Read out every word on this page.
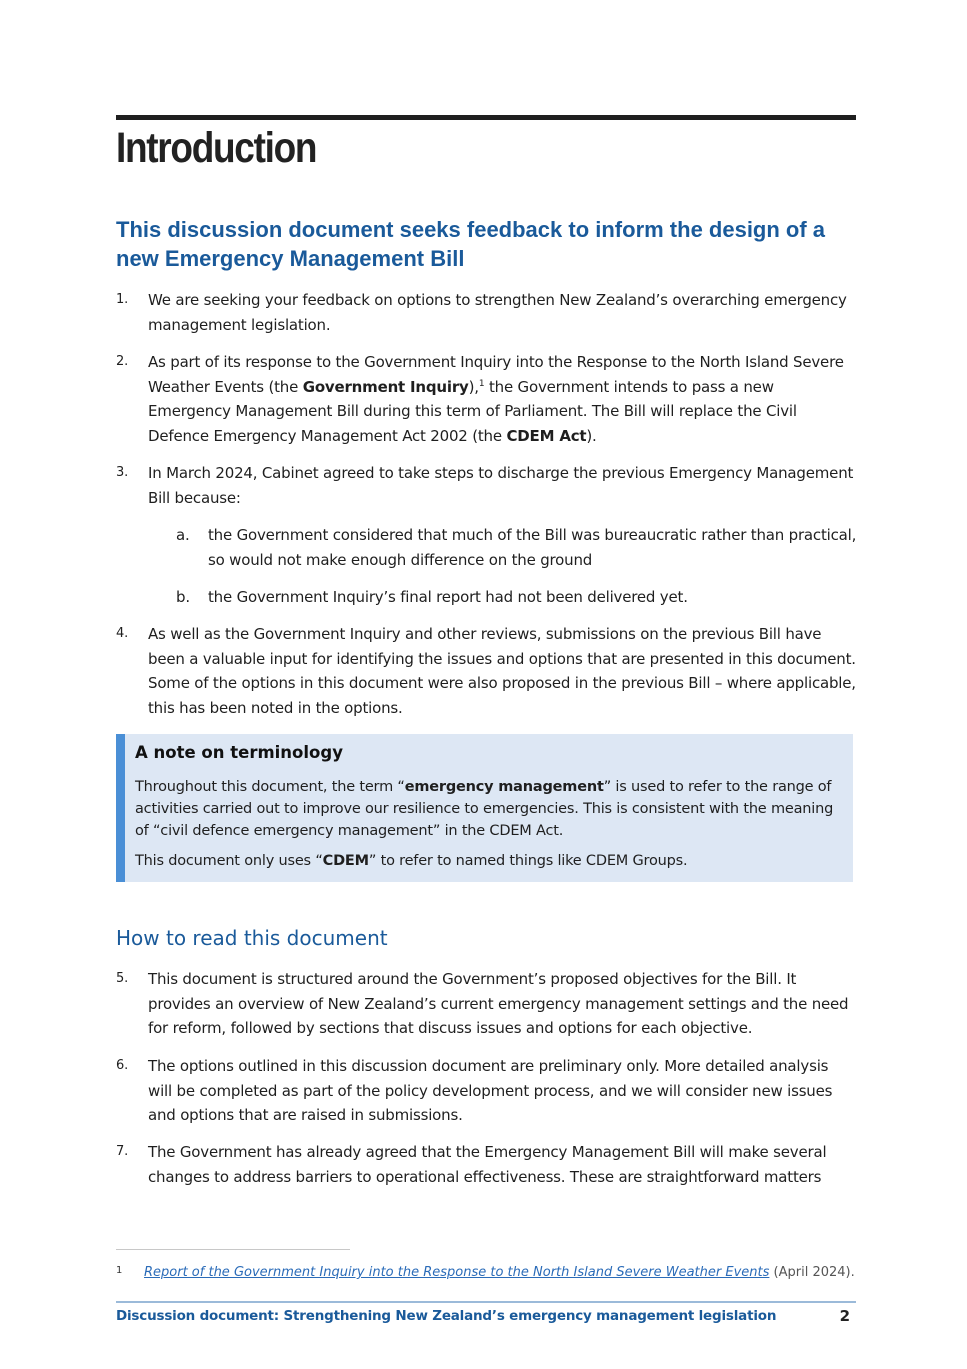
Introduction
This discussion document seeks feedback to inform the design of a new Emergency Management Bill
1. We are seeking your feedback on options to strengthen New Zealand’s overarching emergency management legislation.
2. As part of its response to the Government Inquiry into the Response to the North Island Severe Weather Events (the Government Inquiry),$^1$ the Government intends to pass a new Emergency Management Bill during this term of Parliament. The Bill will replace the Civil Defence Emergency Management Act 2002 (the CDEM Act).
3. In March 2024, Cabinet agreed to take steps to discharge the previous Emergency Management Bill because:
a. the Government considered that much of the Bill was bureaucratic rather than practical, so would not make enough difference on the ground
b. the Government Inquiry’s final report had not been delivered yet.
4. As well as the Government Inquiry and other reviews, submissions on the previous Bill have been a valuable input for identifying the issues and options that are presented in this document. Some of the options in this document were also proposed in the previous Bill – where applicable, this has been noted in the options.
A note on terminology
Throughout this document, the term “emergency management” is used to refer to the range of activities carried out to improve our resilience to emergencies. This is consistent with the meaning of “civil defence emergency management” in the CDEM Act.
This document only uses “CDEM” to refer to named things like CDEM Groups.
How to read this document
5. This document is structured around the Government’s proposed objectives for the Bill. It provides an overview of New Zealand’s current emergency management settings and the need for reform, followed by sections that discuss issues and options for each objective.
6. The options outlined in this discussion document are preliminary only. More detailed analysis will be completed as part of the policy development process, and we will consider new issues and options that are raised in submissions.
7. The Government has already agreed that the Emergency Management Bill will make several changes to address barriers to operational effectiveness. These are straightforward matters
1 Report of the Government Inquiry into the Response to the North Island Severe Weather Events (April 2024).
Discussion document: Strengthening New Zealand’s emergency management legislation	2
